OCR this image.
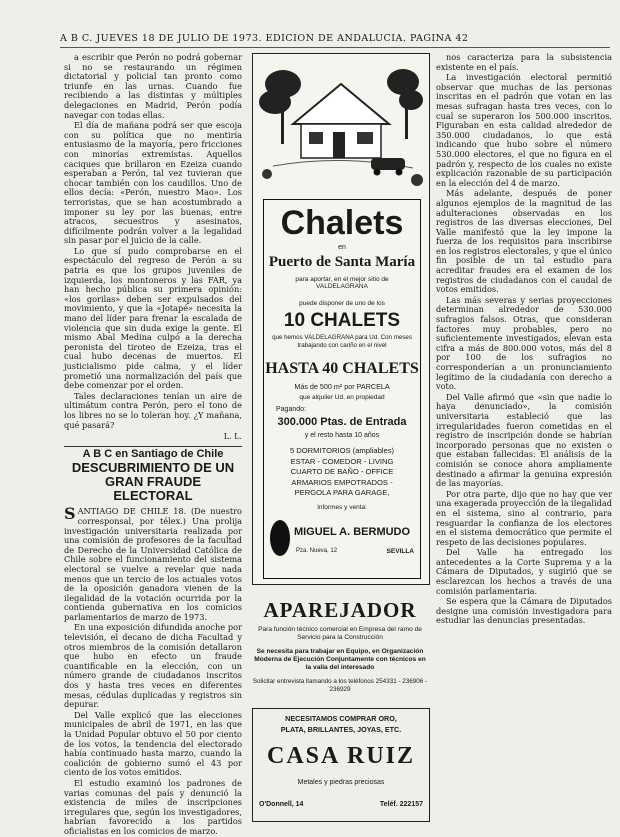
A B C. JUEVES 18 DE JULIO DE 1973. EDICION DE ANDALUCIA. PAGINA 42

a escribir que Perón no podrá gobernar si no se restaurando un régimen dictatorial y policial tan pronto como triunfe en las urnas. Cuando fue recibiendo a las distintas y múltiples delegaciones en Madrid, Perón podía navegar con todas ellas.

El día de mañana podrá ser que escoja con su política que no mentiría entusiasmo de la mayoría, pero fricciones con minorías extremistas. Aquellos caciques que brillaron en Ezeiza cuando esperaban a Perón, tal vez tuvieran que chocar también con los caudillos. Uno de ellos decía: «Perón, nuestro Mao». Los terroristas, que se han acostumbrado a imponer su ley por las buenas, entre atracos, secuestros y asesinatos, difícilmente podrán volver a la legalidad sin pasar por el juicio de la calle.

Lo que sí pudo comprobarse en el espectáculo del regreso de Perón a su patria es que los grupos juveniles de izquierda, los montoneros y las FAR, ya han hecho pública su primera opinión: «los gorilas» deben ser expulsados del movimiento, y que la «Jotapé» necesita la mano del líder para frenar la escalada de violencia que sin duda exige la gente. El mismo Abal Medina culpó a la derecha peronista del tiroteo de Ezeiza, tras el cual hubo decenas de muertos. El justicialismo pide calma, y el líder prometió una normalización del país que debe comenzar por el orden.

Tales declaraciones tenían un aire de ultimátum contra Perón, pero el tono de los libres no se lo toleran hoy. ¿Y mañana, qué pasará?

L. L.
A B C en Santiago de Chile
DESCUBRIMIENTO DE UN GRAN FRAUDE ELECTORAL

SANTIAGO DE CHILE 18. (De nuestro corresponsal, por télex.) Una prolija investigación universitaria realizada por una comisión de profesores de la facultad de Derecho de la Universidad Católica de Chile sobre el funcionamiento del sistema electoral se vuelve a revelar que nada menos que un tercio de los actuales votos de la oposición ganadora vienen de la ilegalidad de la votación ocurrida por la contienda gubernativa en los comicios parlamentarios de marzo de 1973.

En una exposición difundida anoche por televisión, el decano de dicha Facultad y otros miembros de la comisión detallaron que hubo en efecto un fraude cuantificable en la elección, con un número grande de ciudadanos inscritos dos y hasta tres veces en diferentes mesas, cédulas duplicadas y registros sin depurar.

Del Valle explicó que las elecciones municipales de abril de 1971, en las que la Unidad Popular obtuvo el 50 por ciento de los votos, la tendencia del electorado había continuado hasta marzo, cuando la coalición de gobierno sumó el 43 por ciento de los votos emitidos.

El estudio examinó los padrones de varias comunas del país y denunció la existencia de miles de inscripciones irregulares que, según los investigadores, habrían favorecido a los partidos oficialistas en los comicios de marzo.

Chalets
en
Puerto de Santa María
para aportar, en el mejor sitio de VALDELAGRANA
puede disponer de uno de los
10 CHALETS
que hemos VALDELAGRANA para Ud. Con meses trabajando con cariño en el nivel
HASTA 40 CHALETS
Más de 500 m² por PARCELA
que alquiler Ud. en propiedad
Pagando:
300.000 Ptas. de Entrada
y el resto hasta 10 años
5 DORMITORIOS (ampliables)
ESTAR - COMEDOR - LIVING
CUARTO DE BAÑO - OFFICE
ARMARIOS EMPOTRADOS -
PERGOLA PARA GARAGE,
Informes y venta:
MIGUEL A. BERMUDO
Pza. Nueva, 12	SEVILLA
APAREJADOR
Para función técnico comercial en Empresa del ramo de Servicio para la Construcción
Se necesita para trabajar en Equipo, en Organización Moderna de Ejecución Conjuntamente con técnicos en la valía del interesado
Solicitar entrevista llamando a los teléfonos 254331 - 236906 - 236929
NECESITAMOS COMPRAR ORO,
PLATA, BRILLANTES, JOYAS, ETC.
CASA RUIZ
Metales y piedras preciosas
O'Donnell, 14	Teléf. 222157

nos caracteriza para la subsistencia existente en el país.

La investigación electoral permitió observar que muchas de las personas inscritas en el padrón que votan en las mesas sufragan hasta tres veces, con lo cual se superaron los 500.000 inscritos. Figuraban en esta calidad alrededor de 350.000 ciudadanos, lo que está indicando que hubo sobre el número 530.000 electores, el que no figura en el padrón y, respecto de los cuales no existe explicación razonable de su participación en la elección del 4 de marzo.

Más adelante, después de poner algunos ejemplos de la magnitud de las adulteraciones observadas en los registros de las diversas elecciones, Del Valle manifestó que la ley impone la fuerza de los requisitos para inscribirse en los registros electorales, y que el único fin posible de un tal estudio para acreditar fraudes era el examen de los registros de ciudadanos con el caudal de votos emitidos.

Las más severas y serias proyecciones determinan alrededor de 530.000 sufragios falsos. Otras, que consideran factores muy probables, pero no suficientemente investigados, elevan esta cifra a más de 800.000 votos, más del 8 por 100 de los sufragios no corresponderían a un pronunciamiento legítimo de la ciudadanía con derecho a voto.

Del Valle afirmó que «sin que nadie lo haya denunciado», la comisión universitaria estableció que las irregularidades fueron cometidas en el registro de inscripción donde se habrían incorporado personas que no existen o que estaban fallecidas. El análisis de la comisión se conoce ahora ampliamente destinado a afirmar la genuina expresión de las mayorías.

Por otra parte, dijo que no hay que ver una exagerada proyección de la ilegalidad en el sistema, sino al contrario, para resguardar la confianza de los electores en el sistema democrático que permite el respeto de las decisiones populares.

Del Valle ha entregado los antecedentes a la Corte Suprema y a la Cámara de Diputados, y sugirió que se esclarezcan los hechos a través de una comisión parlamentaria.

Se espera que la Cámara de Diputados designe una comisión investigadora para estudiar las denuncias presentadas.
